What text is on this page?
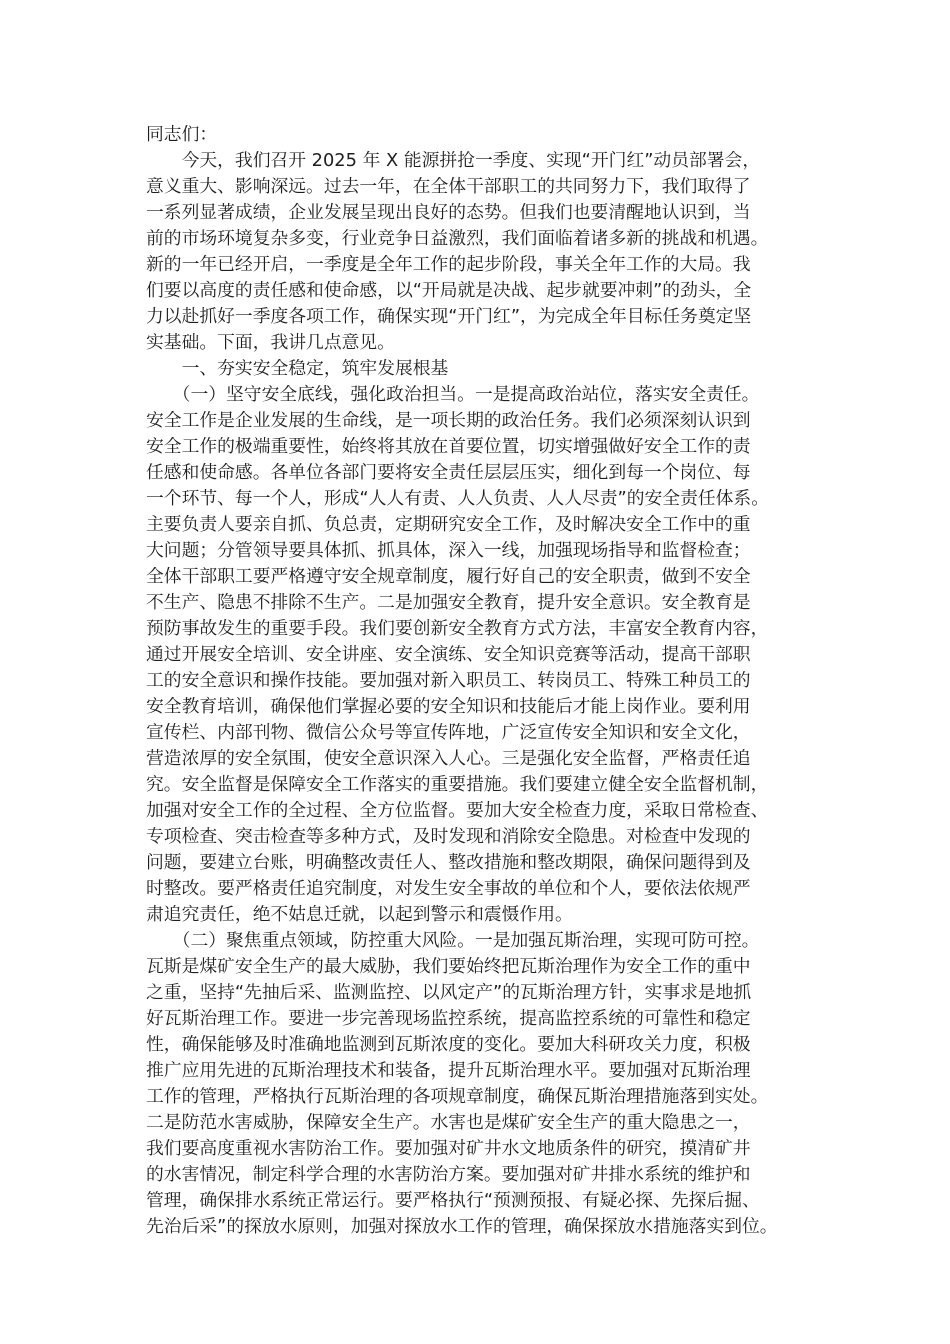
同志们：
　　今天，我们召开 2025 年 X 能源拼抢一季度、实现“开门红”动员部署会，
意义重大、影响深远。过去一年，在全体干部职工的共同努力下，我们取得了
一系列显著成绩，企业发展呈现出良好的态势。但我们也要清醒地认识到，当
前的市场环境复杂多变，行业竞争日益激烈，我们面临着诸多新的挑战和机遇。
新的一年已经开启，一季度是全年工作的起步阶段，事关全年工作的大局。我
们要以高度的责任感和使命感，以“开局就是决战、起步就要冲刺”的劲头，全
力以赴抓好一季度各项工作，确保实现“开门红”，为完成全年目标任务奠定坚
实基础。下面，我讲几点意见。
　　一、夯实安全稳定，筑牢发展根基
　　（一）坚守安全底线，强化政治担当。一是提高政治站位，落实安全责任。
安全工作是企业发展的生命线，是一项长期的政治任务。我们必须深刻认识到
安全工作的极端重要性，始终将其放在首要位置，切实增强做好安全工作的责
任感和使命感。各单位各部门要将安全责任层层压实，细化到每一个岗位、每
一个环节、每一个人，形成“人人有责、人人负责、人人尽责”的安全责任体系。
主要负责人要亲自抓、负总责，定期研究安全工作，及时解决安全工作中的重
大问题；分管领导要具体抓、抓具体，深入一线，加强现场指导和监督检查；
全体干部职工要严格遵守安全规章制度，履行好自己的安全职责，做到不安全
不生产、隐患不排除不生产。二是加强安全教育，提升安全意识。安全教育是
预防事故发生的重要手段。我们要创新安全教育方式方法，丰富安全教育内容，
通过开展安全培训、安全讲座、安全演练、安全知识竞赛等活动，提高干部职
工的安全意识和操作技能。要加强对新入职员工、转岗员工、特殊工种员工的
安全教育培训，确保他们掌握必要的安全知识和技能后才能上岗作业。要利用
宣传栏、内部刊物、微信公众号等宣传阵地，广泛宣传安全知识和安全文化，
营造浓厚的安全氛围，使安全意识深入人心。三是强化安全监督，严格责任追
究。安全监督是保障安全工作落实的重要措施。我们要建立健全安全监督机制，
加强对安全工作的全过程、全方位监督。要加大安全检查力度，采取日常检查、
专项检查、突击检查等多种方式，及时发现和消除安全隐患。对检查中发现的
问题，要建立台账，明确整改责任人、整改措施和整改期限，确保问题得到及
时整改。要严格责任追究制度，对发生安全事故的单位和个人，要依法依规严
肃追究责任，绝不姑息迁就，以起到警示和震慑作用。
　　（二）聚焦重点领域，防控重大风险。一是加强瓦斯治理，实现可防可控。
瓦斯是煤矿安全生产的最大威胁，我们要始终把瓦斯治理作为安全工作的重中
之重，坚持“先抽后采、监测监控、以风定产”的瓦斯治理方针，实事求是地抓
好瓦斯治理工作。要进一步完善现场监控系统，提高监控系统的可靠性和稳定
性，确保能够及时准确地监测到瓦斯浓度的变化。要加大科研攻关力度，积极
推广应用先进的瓦斯治理技术和装备，提升瓦斯治理水平。要加强对瓦斯治理
工作的管理，严格执行瓦斯治理的各项规章制度，确保瓦斯治理措施落到实处。
二是防范水害威胁，保障安全生产。水害也是煤矿安全生产的重大隐患之一，
我们要高度重视水害防治工作。要加强对矿井水文地质条件的研究，摸清矿井
的水害情况，制定科学合理的水害防治方案。要加强对矿井排水系统的维护和
管理，确保排水系统正常运行。要严格执行“预测预报、有疑必探、先探后掘、
先治后采”的探放水原则，加强对探放水工作的管理，确保探放水措施落实到位。
